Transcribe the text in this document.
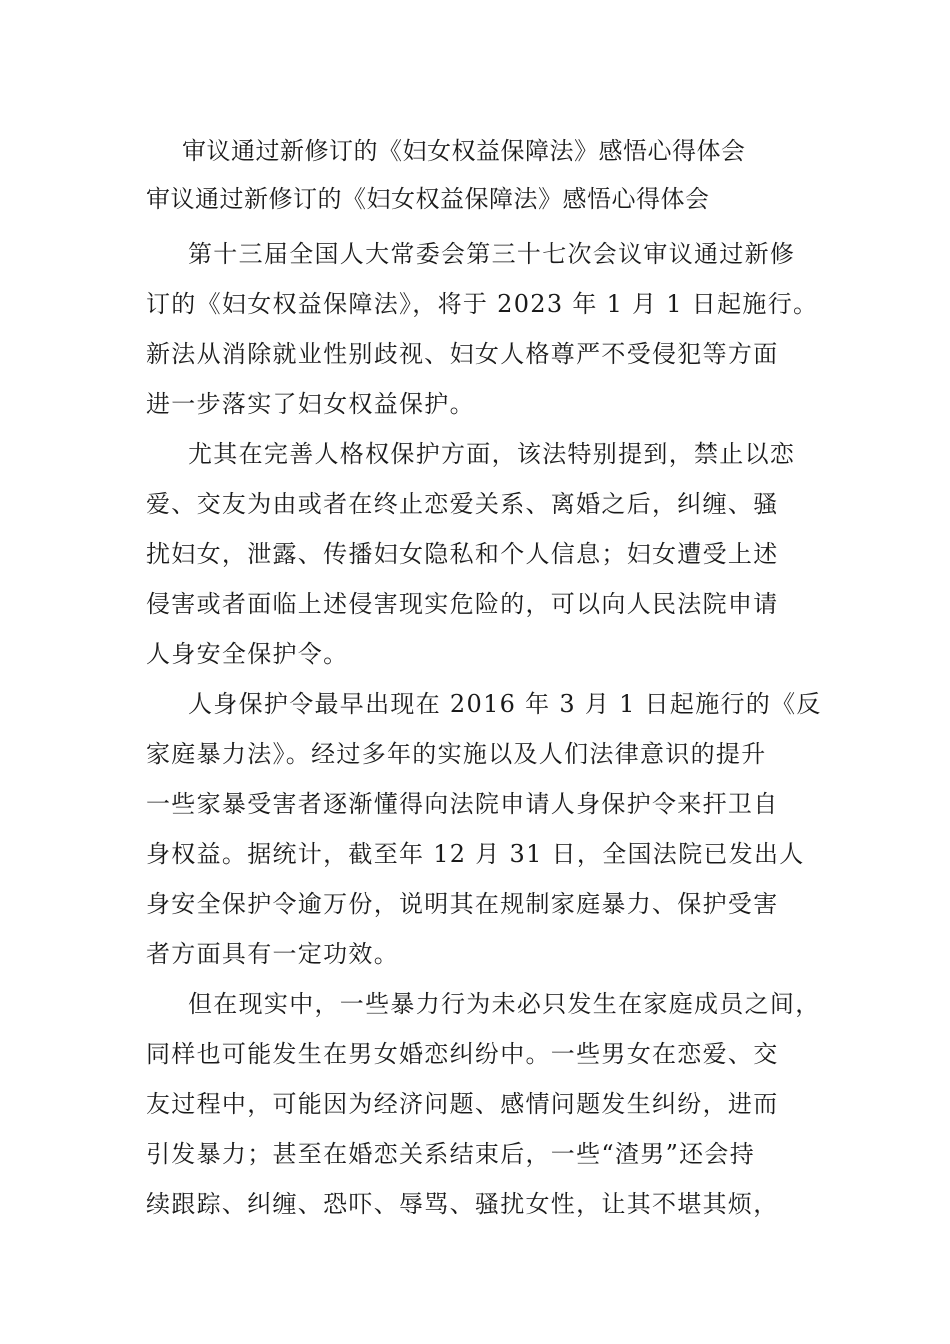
审议通过新修订的《妇女权益保障法》感悟心得体会
审议通过新修订的《妇女权益保障法》感悟心得体会
第十三届全国人大常委会第三十七次会议审议通过新修
订的《妇女权益保障法》，将于 2023 年 1 月 1 日起施行。
新法从消除就业性别歧视、妇女人格尊严不受侵犯等方面
进一步落实了妇女权益保护。
尤其在完善人格权保护方面，该法特别提到，禁止以恋
爱、交友为由或者在终止恋爱关系、离婚之后，纠缠、骚
扰妇女，泄露、传播妇女隐私和个人信息；妇女遭受上述
侵害或者面临上述侵害现实危险的，可以向人民法院申请
人身安全保护令。
人身保护令最早出现在 2016 年 3 月 1 日起施行的《反
家庭暴力法》。经过多年的实施以及人们法律意识的提升
一些家暴受害者逐渐懂得向法院申请人身保护令来扞卫自
身权益。据统计，截至年 12 月 31 日，全国法院已发出人
身安全保护令逾万份，说明其在规制家庭暴力、保护受害
者方面具有一定功效。
但在现实中，一些暴力行为未必只发生在家庭成员之间，
同样也可能发生在男女婚恋纠纷中。一些男女在恋爱、交
友过程中，可能因为经济问题、感情问题发生纠纷，进而
引发暴力；甚至在婚恋关系结束后，一些“渣男”还会持
续跟踪、纠缠、恐吓、辱骂、骚扰女性，让其不堪其烦，
